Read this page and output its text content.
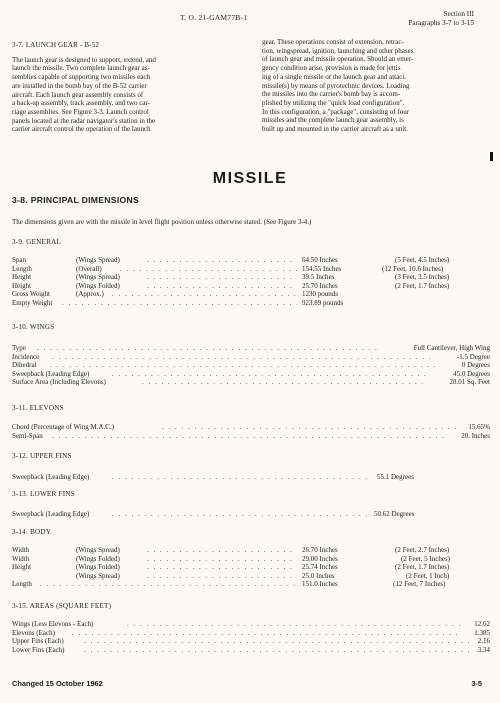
T. O. 21-GAM77B-1	Section III
Paragraphs 3-7 to 3-15
3-7. LAUNCH GEAR - B-52
The launch gear is designed to support, extend, and
launch the missile. Two complete launch gear as-
semblies capable of supporting two missiles each
are installed in the bomb bay of the B-52 carrier
aircraft. Each launch gear assembly consists of
a back-up assembly, track assembly, and two car-
riage assemblies. See Figure 3-3. Launch control
panels located at the radar navigator's station in the
carrier aircraft control the operation of the launch
gear. These operations consist of extension, retrac-
tion, wingspread, ignition, launching and other phases
of launch gear and missile operation. Should an emer-
gency condition arise, provision is made for jettis
ing of a single missile or the launch gear and attaci.
missile(s) by means of pyrotechnic devices. Loading
the missiles into the carrier's bomb bay is accom-
plished by utilizing the "quick load configuration".
In this configuration, a "package", consisting of four
missiles and the complete launch gear assembly, is
built up and mounted in the carrier aircraft as a unit.
MISSILE
3-8. PRINCIPAL DIMENSIONS
The dimensions given are with the missile in level flight position unless otherwise stated. (See Figure 3-4.)
3-9. GENERAL
Span	(Wings Spread) . . .	64.50 Inches	(5 Feet, 4.5 Inches)
Length	(Overall) . . .	154.55 Inches	(12 Feet, 10.6 Inches)
Height	(Wings Spread) . . .	39.5 Inches	(3 Feet, 3.5 Inches)
Height	(Wings Folded) . . .	25.70 Inches	(2 Feet, 1.7 Inches)
Gross Weight	(Approx.) . . .	1230 pounds
Empty Weight . . .	923.89 pounds
3-10. WINGS
Type . . .	Full Cantilever, High Wing
Incidence . . .	-1.5 Degree
Dihedral . . .	0 Degrees
Sweepback (Leading Edge) . . .	45.0 Degrees
Surface Area (Including Elevons) . . .	28.01 Sq. Feet
3-11. ELEVONS
Chord (Percentage of Wing M.A.C.) . . .	15.65%
Semi-Span . . .	20. Inches
3-12. UPPER FINS
Sweepback (Leading Edge) . . .	55.1 Degrees
3-13. LOWER FINS
Sweepback (Leading Edge) . . .	50.62 Degrees
3-14. BODY
Width	(Wings Spread) . . .	26.70 Inches	(2 Feet, 2.7 Inches)
Width	(Wings Folded) . . .	29.00 Inches	(2 Feet, 5 Inches)
Height	(Wings Folded) . . .	25.74 Inches	(2 Feet, 1.7 Inches)
(Wings Spread) . . .	25.0 Inches	(2 Feet, 1 Inch)
Length . . .	151.0 Inches	(12 Feet, 7 Inches)
3-15. AREAS (SQUARE FEET)
Wings (Less Elevons - Each) . . .	12.62
Elevons (Each) . . .	1.385
Upper Fins (Each) . . .	2.16
Lower Fins (Each) . . .	3.34
Changed 15 October 1962	3-5
